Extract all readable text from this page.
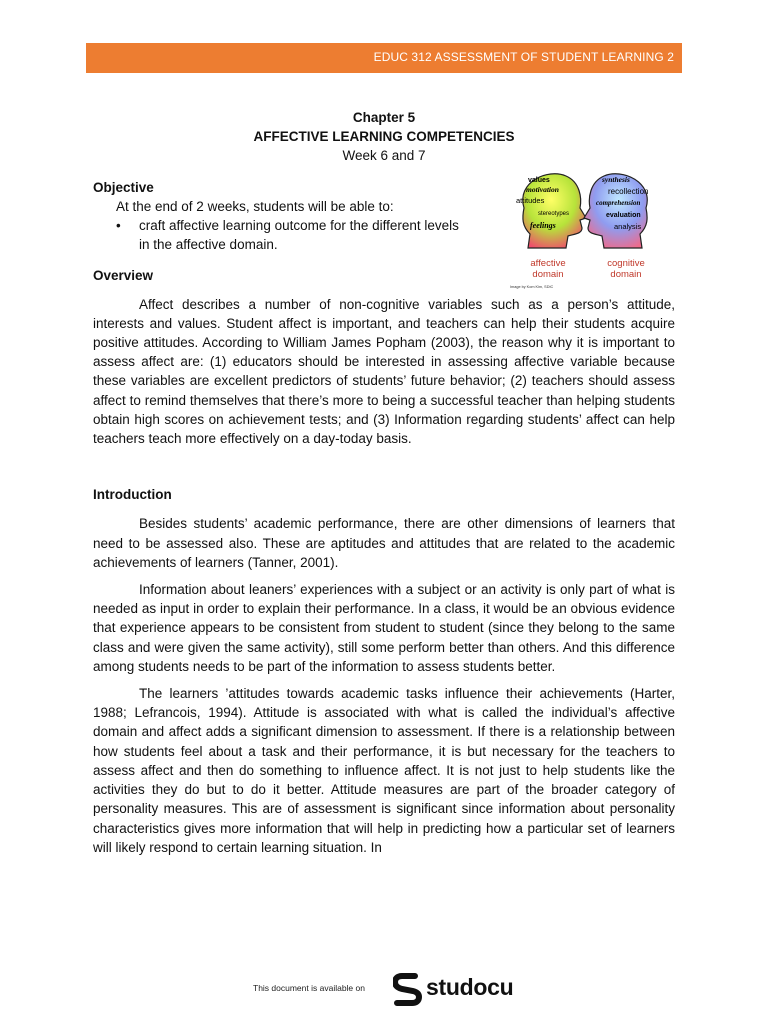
EDUC 312 ASSESSMENT OF STUDENT LEARNING 2
values
motivation
attitudes
stereotypes
feelings
synthesis
recollection
comprehension
evaluation
analysis
affective
domain
cognitive
domain
Image by Kom Kim, SDIC
Chapter 5
AFFECTIVE LEARNING COMPETENCIES
Week 6 and 7
Objective
At the end of 2 weeks, students will be able to:
•	craft affective learning outcome for the different levels in the affective domain.
Overview

Affect describes a number of non-cognitive variables such as a person’s attitude, interests and values. Student affect is important, and teachers can help their students acquire positive attitudes. According to William James Popham (2003), the reason why it is important to assess affect are: (1) educators should be interested in assessing affective variable because these variables are excellent predictors of students’ future behavior; (2) teachers should assess affect to remind themselves that there’s more to being a successful teacher than helping students obtain high scores on achievement tests; and (3) Information regarding students’ affect can help teachers teach more effectively on a day-today basis.

Introduction

Besides students’ academic performance, there are other dimensions of learners that need to be assessed also. These are aptitudes and attitudes that are related to the academic achievements of learners (Tanner, 2001).

Information about leaners’ experiences with a subject or an activity is only part of what is needed as input in order to explain their performance. In a class, it would be an obvious evidence that experience appears to be consistent from student to student (since they belong to the same class and were given the same activity), still some perform better than others. And this difference among students needs to be part of the information to assess students better.

The learners ’attitudes towards academic tasks influence their achievements (Harter, 1988; Lefrancois, 1994). Attitude is associated with what is called the individual’s affective domain and affect adds a significant dimension to assessment. If there is a relationship between how students feel about a task and their performance, it is but necessary for the teachers to assess affect and then do something to influence affect. It is not just to help students like the activities they do but to do it better. Attitude measures are part of the broader category of personality measures. This are of assessment is significant since information about personality characteristics gives more information that will help in predicting how a particular set of learners will likely respond to certain learning situation. In

This document is available on	studocu
